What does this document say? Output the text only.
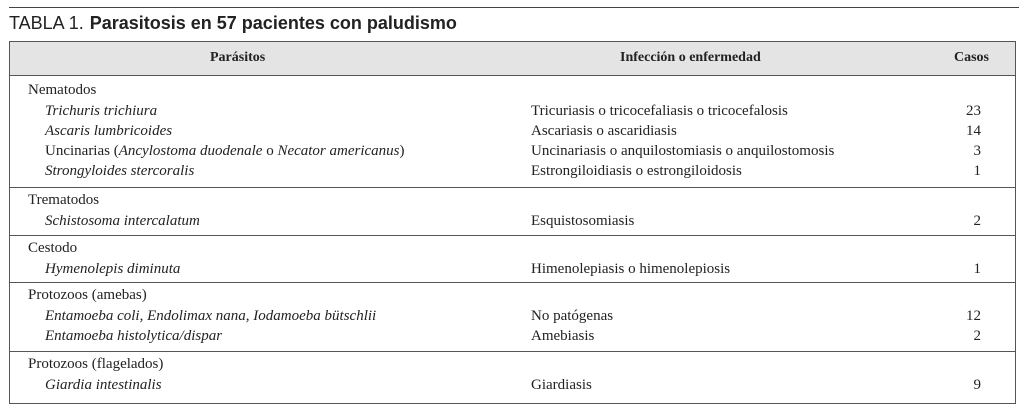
TABLA 1. Parasitosis en 57 pacientes con paludismo
Parásitos	Infección o enfermedad	Casos
Nematodos
Trichuris trichiura	Tricuriasis o tricocefaliasis o tricocefalosis	23
Ascaris lumbricoides	Ascariasis o ascaridiasis	14
Uncinarias (Ancylostoma duodenale o Necator americanus)	Uncinariasis o anquilostomiasis o anquilostomosis	3
Strongyloides stercoralis	Estrongiloidiasis o estrongiloidosis	1
Trematodos
Schistosoma intercalatum	Esquistosomiasis	2
Cestodo
Hymenolepis diminuta	Himenolepiasis o himenolepiosis	1
Protozoos (amebas)
Entamoeba coli, Endolimax nana, Iodamoeba bütschlii	No patógenas	12
Entamoeba histolytica/dispar	Amebiasis	2
Protozoos (flagelados)
Giardia intestinalis	Giardiasis	9
